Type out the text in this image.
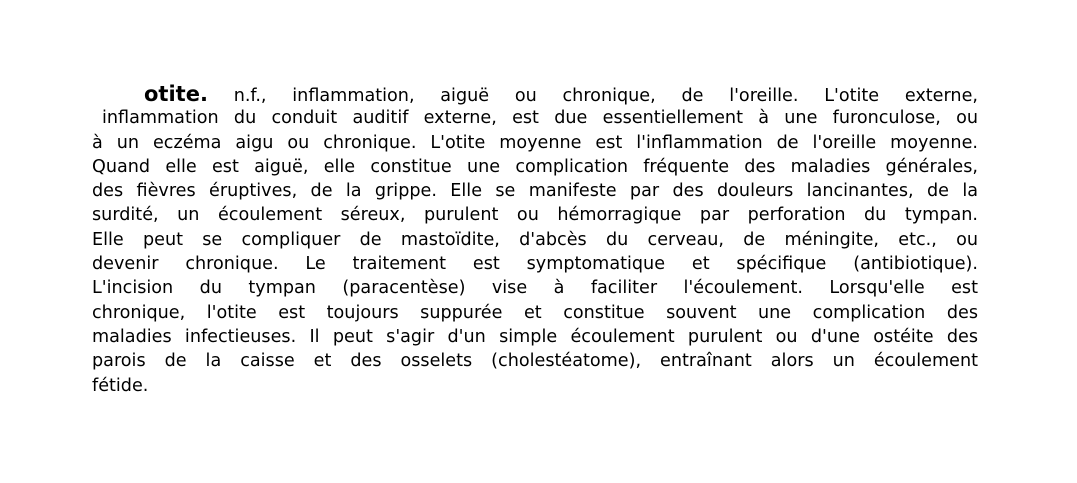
otite. n.f., inflammation, aiguë ou chronique, de l'oreille. L'otite externe,
inflammation du conduit auditif externe, est due essentiellement à une furonculose, ou
à un eczéma aigu ou chronique. L'otite moyenne est l'inflammation de l'oreille moyenne.
Quand elle est aiguë, elle constitue une complication fréquente des maladies générales,
des fièvres éruptives, de la grippe. Elle se manifeste par des douleurs lancinantes, de la
surdité, un écoulement séreux, purulent ou hémorragique par perforation du tympan.
Elle peut se compliquer de mastoïdite, d'abcès du cerveau, de méningite, etc., ou
devenir chronique. Le traitement est symptomatique et spécifique (antibiotique).
L'incision du tympan (paracentèse) vise à faciliter l'écoulement. Lorsqu'elle est
chronique, l'otite est toujours suppurée et constitue souvent une complication des
maladies infectieuses. Il peut s'agir d'un simple écoulement purulent ou d'une ostéite des
parois de la caisse et des osselets (cholestéatome), entraînant alors un écoulement
fétide.
